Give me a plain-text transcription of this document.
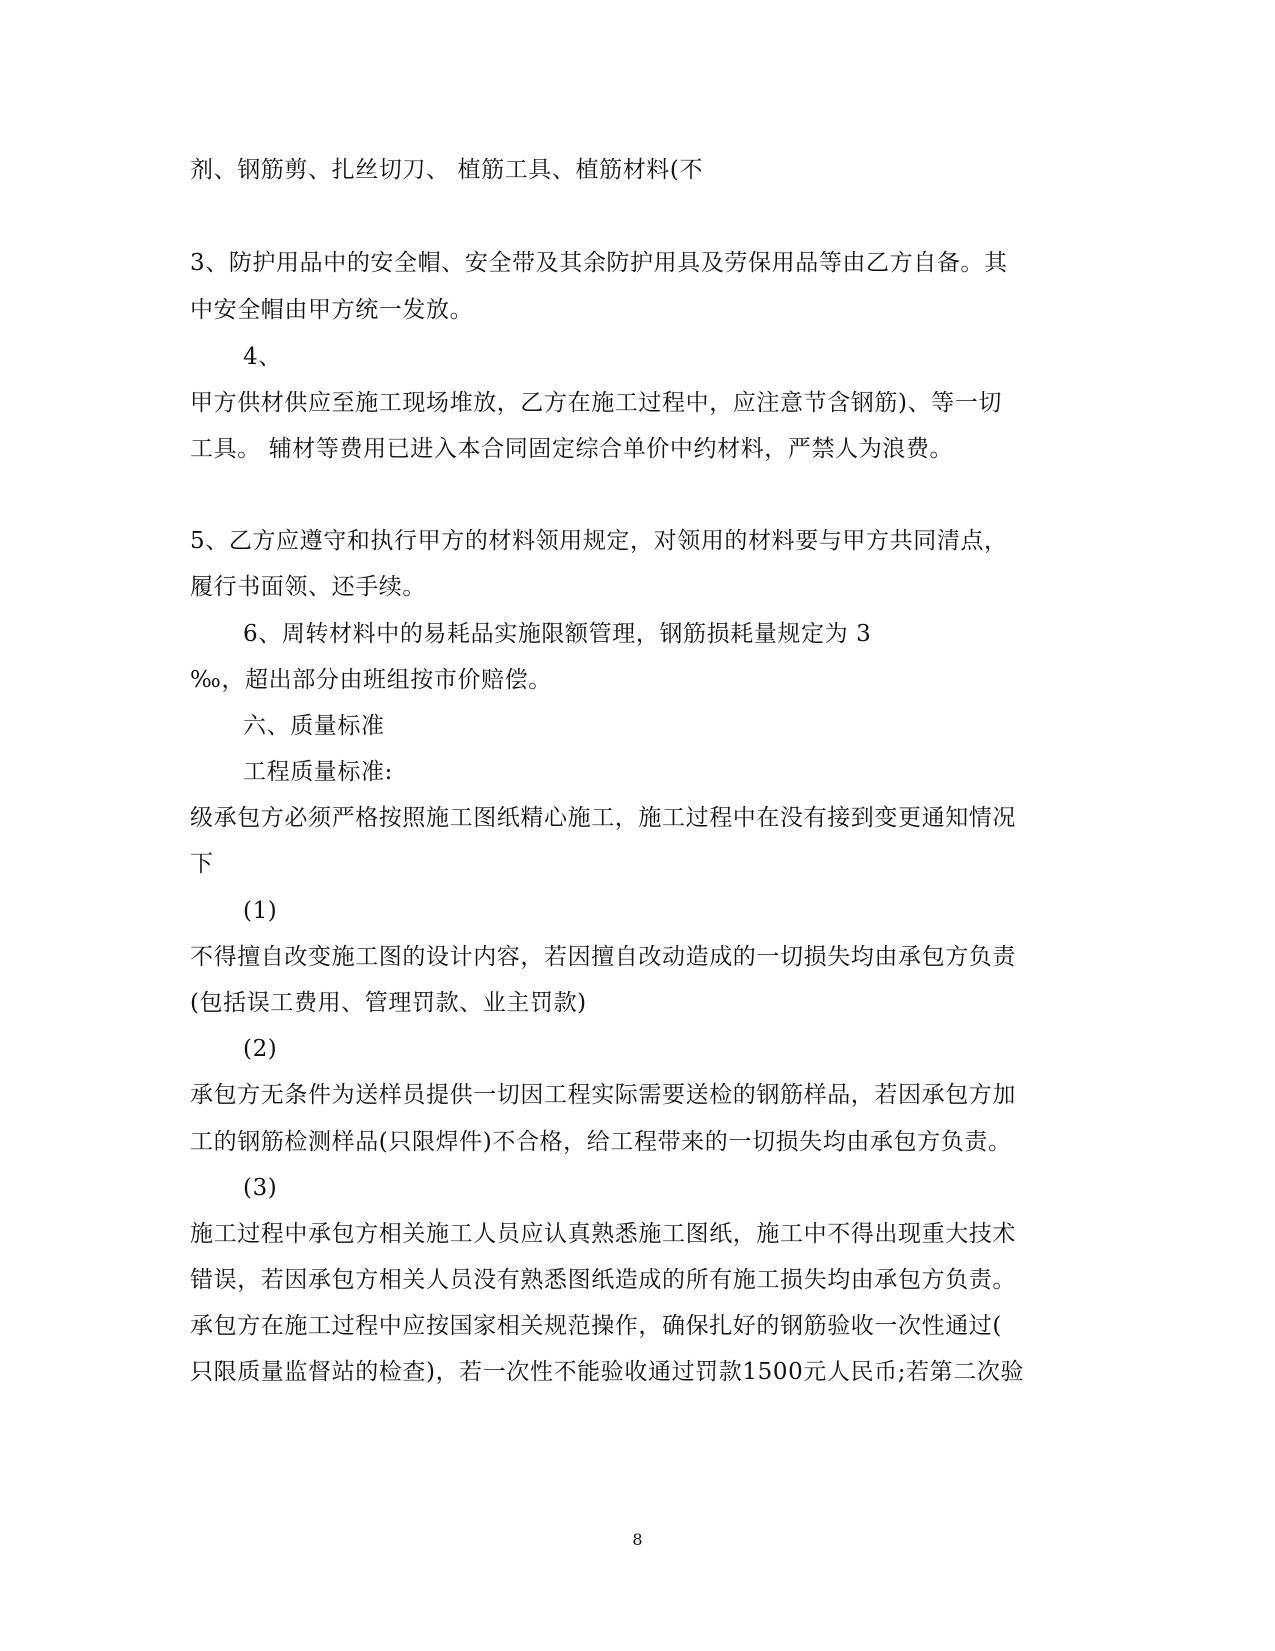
剂、钢筋剪、扎丝切刀、 植筋工具、植筋材料(不
3、防护用品中的安全帽、安全带及其余防护用具及劳保用品等由乙方自备。其
中安全帽由甲方统一发放。
4、
甲方供材供应至施工现场堆放，乙方在施工过程中，应注意节含钢筋)、等一切
工具。 辅材等费用已进入本合同固定综合单价中约材料，严禁人为浪费。
5、乙方应遵守和执行甲方的材料领用规定，对领用的材料要与甲方共同清点，
履行书面领、还手续。
6、周转材料中的易耗品实施限额管理，钢筋损耗量规定为 3
‰，超出部分由班组按市价赔偿。
六、质量标准
工程质量标准:
级承包方必须严格按照施工图纸精心施工，施工过程中在没有接到变更通知情况
下
(1)
不得擅自改变施工图的设计内容，若因擅自改动造成的一切损失均由承包方负责
(包括误工费用、管理罚款、业主罚款)
(2)
承包方无条件为送样员提供一切因工程实际需要送检的钢筋样品，若因承包方加
工的钢筋检测样品(只限焊件)不合格，给工程带来的一切损失均由承包方负责。
(3)
施工过程中承包方相关施工人员应认真熟悉施工图纸，施工中不得出现重大技术
错误，若因承包方相关人员没有熟悉图纸造成的所有施工损失均由承包方负责。
承包方在施工过程中应按国家相关规范操作，确保扎好的钢筋验收一次性通过(
只限质量监督站的检查)，若一次性不能验收通过罚款1500元人民币;若第二次验
8
